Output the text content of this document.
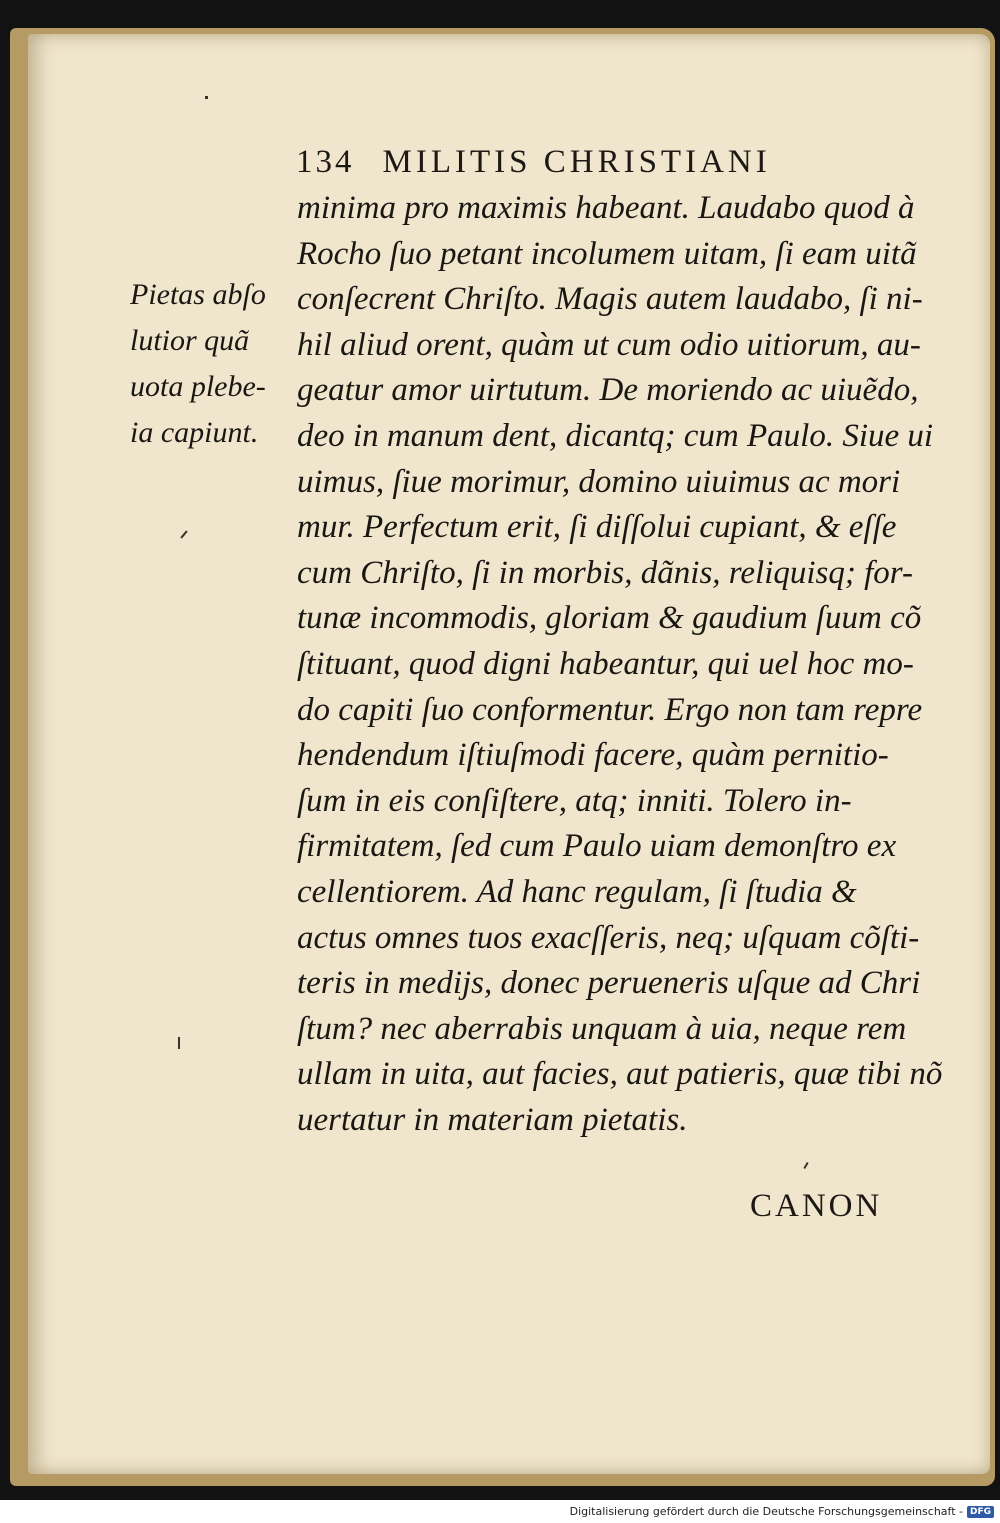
134 MILITIS CHRISTIANI
Pietas abſo
lutior quã
uota plebe-
ia capiunt.
minima pro maximis habeant. Laudabo quod à
Rocho ſuo petant incolumem uitam, ſi eam uitã
conſecrent Chriſto. Magis autem laudabo, ſi ni-
hil aliud orent, quàm ut cum odio uitiorum, au-
geatur amor uirtutum. De moriendo ac uiuẽdo,
deo in manum dent, dicantq; cum Paulo. Siue ui
uimus, ſiue morimur, domino uiuimus ac mori
mur. Perfectum erit, ſi diſſolui cupiant, & eſſe
cum Chriſto, ſi in morbis, dãnis, reliquisq; for-
tunæ incommodis, gloriam & gaudium ſuum cõ
ſtituant, quod digni habeantur, qui uel hoc mo-
do capiti ſuo conformentur. Ergo non tam repre
hendendum iſtiuſmodi facere, quàm pernitio-
ſum in eis conſiſtere, atq; inniti. Tolero in-
firmitatem, ſed cum Paulo uiam demonſtro ex
cellentiorem. Ad hanc regulam, ſi ſtudia &
actus omnes tuos exacſſeris, neq; uſquam cõſti-
teris in medijs, donec perueneris uſque ad Chri
ſtum? nec aberrabis unquam à uia, neque rem
ullam in uita, aut facies, aut patieris, quæ tibi nõ
uertatur in materiam pietatis.
CANON
Digitalisierung gefördert durch die Deutsche Forschungsgemeinschaft - DFG
